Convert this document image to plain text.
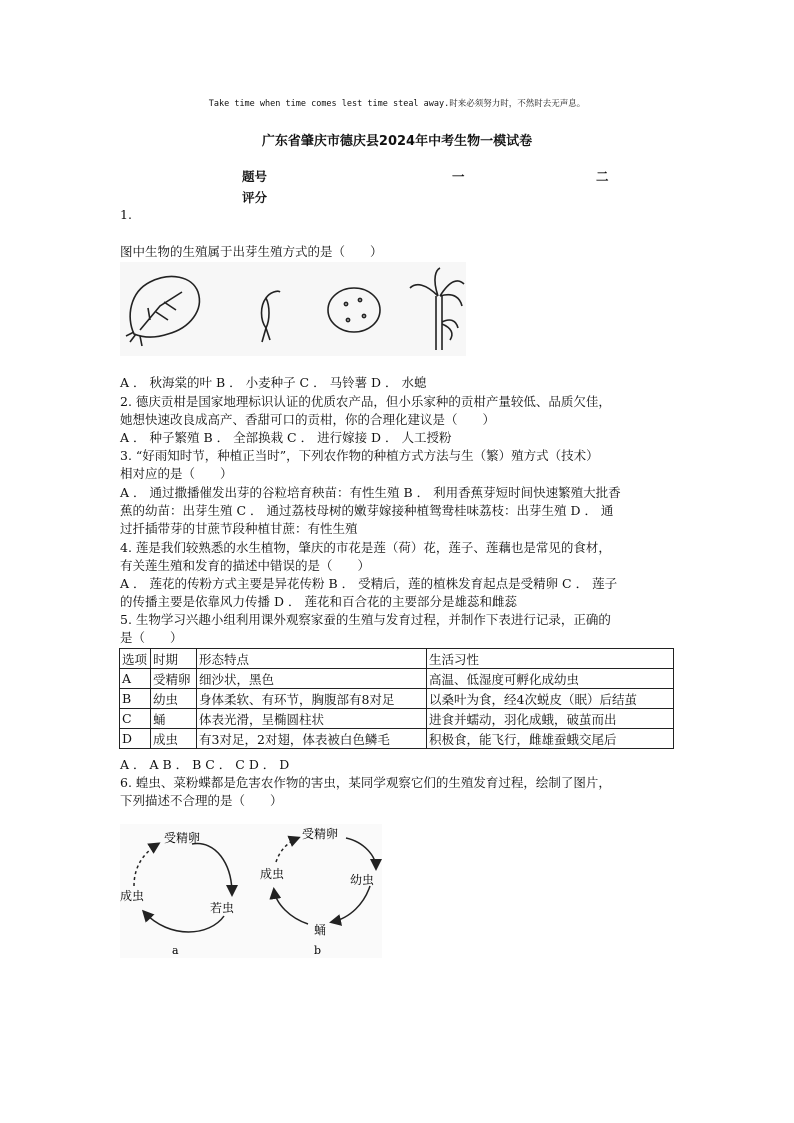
Take time when time comes lest time steal away.时来必须努力时，不然时去无声息。
广东省肇庆市德庆县2024年中考生物一模试卷
题号	一	二
评分
1.
图中生物的生殖属于出芽生殖方式的是（　　）
A ． 秋海棠的叶 B ． 小麦种子 C ． 马铃薯 D ． 水螅
2. 德庆贡柑是国家地理标识认证的优质农产品，但小乐家种的贡柑产量较低、品质欠佳，
她想快速改良成高产、香甜可口的贡柑，你的合理化建议是（　　）
A ． 种子繁殖 B ． 全部换栽 C ． 进行嫁接 D ． 人工授粉
3. “好雨知时节，种植正当时”，下列农作物的种植方式方法与生（繁）殖方式（技术）
相对应的是（　　）
A ． 通过撒播催发出芽的谷粒培育秧苗：有性生殖 B ． 利用香蕉芽短时间快速繁殖大批香
蕉的幼苗：出芽生殖 C ． 通过荔枝母树的嫩芽嫁接种植鸳鸯桂味荔枝：出芽生殖 D ． 通
过扦插带芽的甘蔗节段种植甘蔗：有性生殖
4. 莲是我们较熟悉的水生植物，肇庆的市花是莲（荷）花，莲子、莲藕也是常见的食材，
有关莲生殖和发育的描述中错误的是（　　）
A ． 莲花的传粉方式主要是异花传粉 B ． 受精后，莲的植株发育起点是受精卵 C ． 莲子
的传播主要是依靠风力传播 D ． 莲花和百合花的主要部分是雄蕊和雌蕊
5. 生物学习兴趣小组利用课外观察家蚕的生殖与发育过程，并制作下表进行记录，正确的
是（　　）
选项	时期	形态特点	生活习性
A	受精卵	细沙状，黑色	高温、低湿度可孵化成幼虫
B	幼虫	身体柔软、有环节，胸腹部有8对足	以桑叶为食，经4次蜕皮（眠）后结茧
C	蛹	体表光滑，呈椭圆柱状	进食并蠕动，羽化成蛾，破茧而出
D	成虫	有3对足，2对翅，体表被白色鳞毛	积极食，能飞行，雌雄蚕蛾交尾后
A ． A B ． B C ． C D ． D
6. 蝗虫、菜粉蝶都是危害农作物的害虫，某同学观察它们的生殖发育过程，绘制了图片，
下列描述不合理的是（　　）
受精卵
成虫
若虫
a
受精卵
成虫	幼虫
蛹
b
